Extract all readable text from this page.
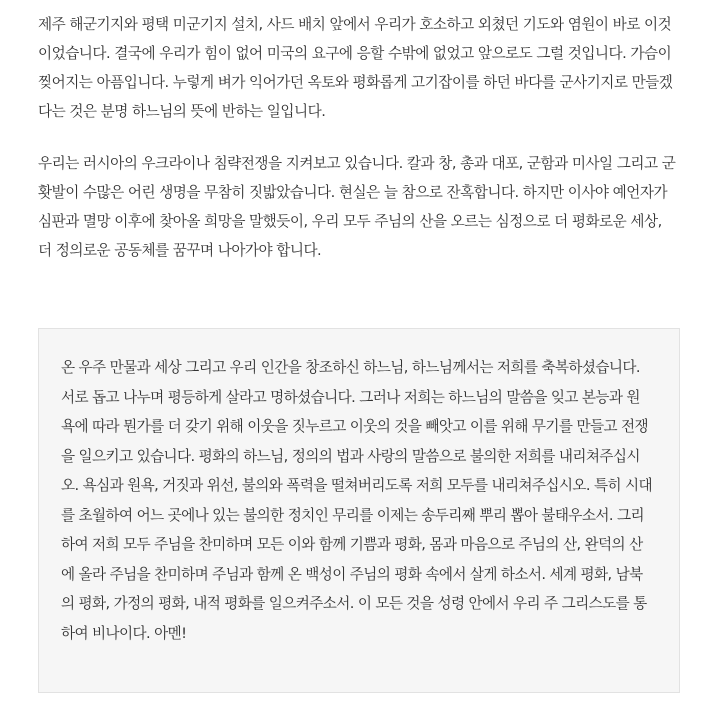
제주 해군기지와 평택 미군기지 설치, 사드 배치 앞에서 우리가 호소하고 외쳤던 기도와 염원이 바로 이것
이었습니다. 결국에 우리가 힘이 없어 미국의 요구에 응할 수밖에 없었고 앞으로도 그럴 것입니다. 가슴이
찢어지는 아픔입니다. 누렇게 벼가 익어가던 옥토와 평화롭게 고기잡이를 하던 바다를 군사기지로 만들겠
다는 것은 분명 하느님의 뜻에 반하는 일입니다.

우리는 러시아의 우크라이나 침략전쟁을 지켜보고 있습니다. 칼과 창, 총과 대포, 군함과 미사일 그리고 군
홧발이 수많은 어린 생명을 무참히 짓밟았습니다. 현실은 늘 참으로 잔혹합니다. 하지만 이사야 예언자가
심판과 멸망 이후에 찾아올 희망을 말했듯이, 우리 모두 주님의 산을 오르는 심정으로 더 평화로운 세상,
더 정의로운 공동체를 꿈꾸며 나아가야 합니다.

온 우주 만물과 세상 그리고 우리 인간을 창조하신 하느님, 하느님께서는 저희를 축복하셨습니다.
서로 돕고 나누며 평등하게 살라고 명하셨습니다. 그러나 저희는 하느님의 말씀을 잊고 본능과 원
욕에 따라 뭔가를 더 갖기 위해 이웃을 짓누르고 이웃의 것을 빼앗고 이를 위해 무기를 만들고 전쟁
을 일으키고 있습니다. 평화의 하느님, 정의의 법과 사랑의 말씀으로 불의한 저희를 내리쳐주십시
오. 욕심과 원욕, 거짓과 위선, 불의와 폭력을 떨쳐버리도록 저희 모두를 내리쳐주십시오. 특히 시대
를 초월하여 어느 곳에나 있는 불의한 정치인 무리를 이제는 송두리째 뿌리 뽑아 불태우소서. 그리
하여 저희 모두 주님을 찬미하며 모든 이와 함께 기쁨과 평화, 몸과 마음으로 주님의 산, 완덕의 산
에 올라 주님을 찬미하며 주님과 함께 온 백성이 주님의 평화 속에서 살게 하소서. 세계 평화, 남북
의 평화, 가정의 평화, 내적 평화를 일으켜주소서. 이 모든 것을 성령 안에서 우리 주 그리스도를 통
하여 비나이다. 아멘!
